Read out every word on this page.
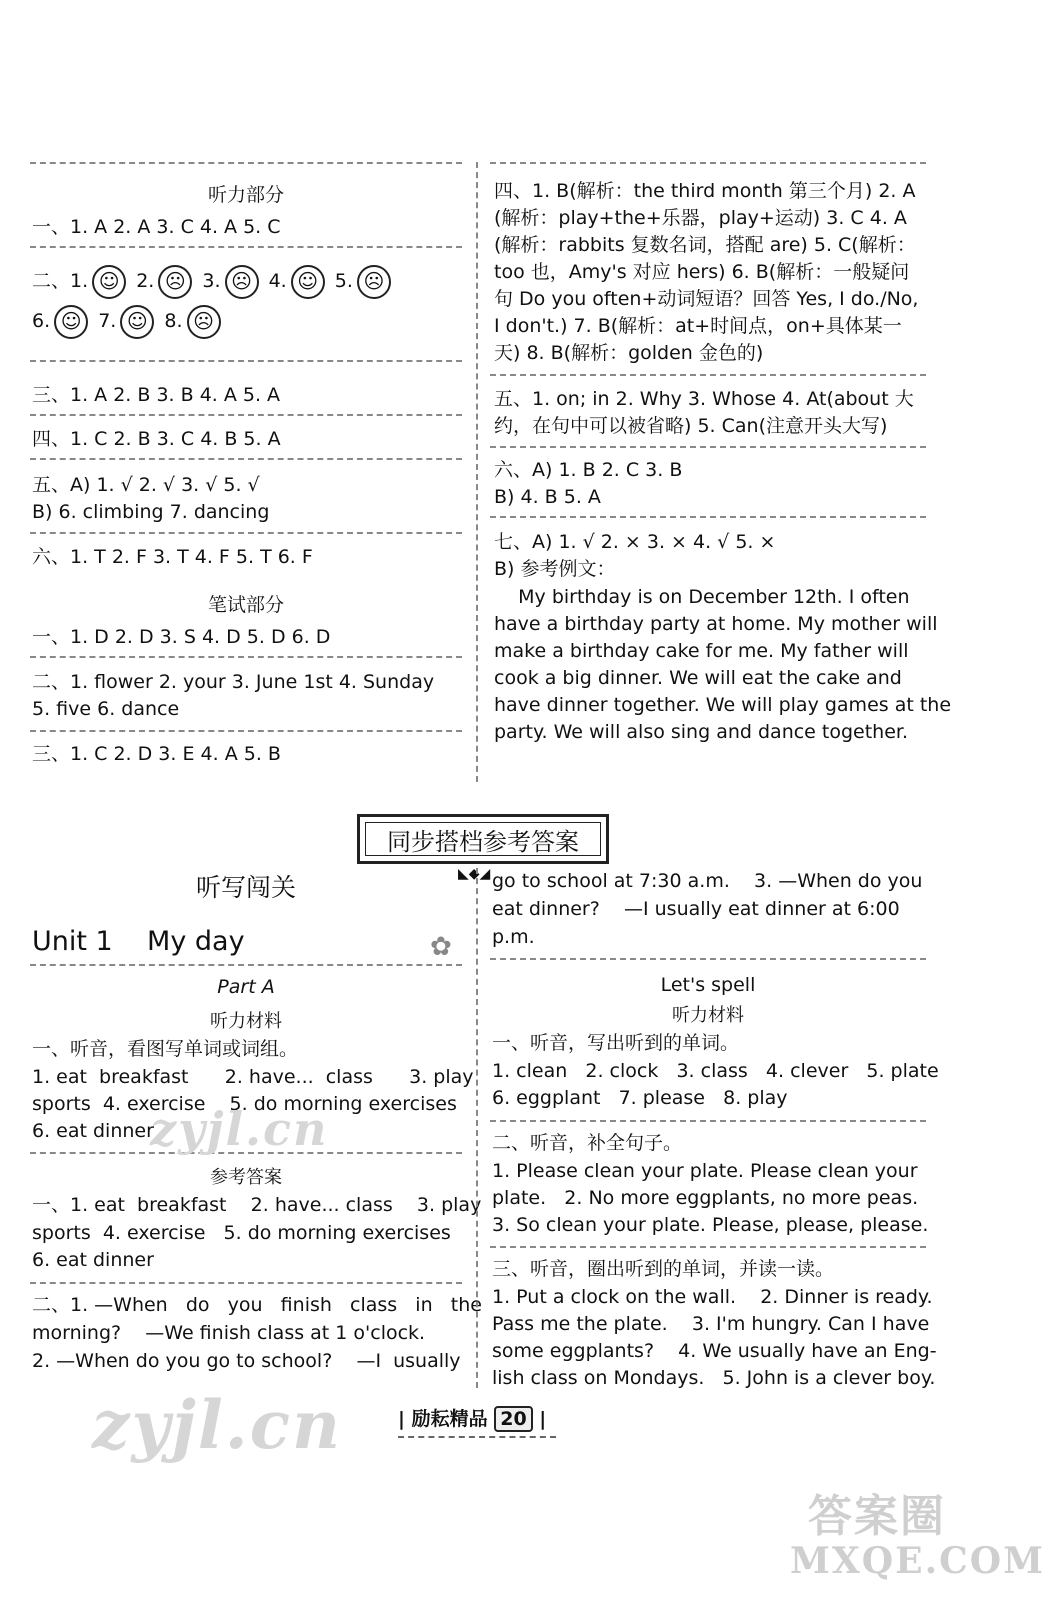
听力部分
一、1. A 2. A 3. C 4. A 5. C
二、1. ☺ 2. ☹ 3. ☹ 4. ☺ 5. ☹
6. ☺ 7. ☺ 8. ☹
三、1. A 2. B 3. B 4. A 5. A
四、1. C 2. B 3. C 4. B 5. A
五、A) 1. √ 2. √ 3. √ 5. √
B) 6. climbing 7. dancing
六、1. T 2. F 3. T 4. F 5. T 6. F
笔试部分
一、1. D 2. D 3. S 4. D 5. D 6. D
二、1. flower 2. your 3. June 1st 4. Sunday
5. five 6. dance
三、1. C 2. D 3. E 4. A 5. B
四、1. B(解析：the third month 第三个月) 2. A
(解析：play+the+乐器，play+运动) 3. C 4. A
(解析：rabbits 复数名词，搭配 are) 5. C(解析：
too 也，Amy's 对应 hers) 6. B(解析：一般疑问
句 Do you often+动词短语？回答 Yes, I do./No,
I don't.) 7. B(解析：at+时间点，on+具体某一
天) 8. B(解析：golden 金色的)
五、1. on; in 2. Why 3. Whose 4. At(about 大
约，在句中可以被省略) 5. Can(注意开头大写)
六、A) 1. B 2. C 3. B
B) 4. B 5. A
七、A) 1. √ 2. × 3. × 4. √ 5. ×
B) 参考例文：
My birthday is on December 12th. I often
have a birthday party at home. My mother will
make a birthday cake for me. My father will
cook a big dinner. We will eat the cake and
have dinner together. We will play games at the
party. We will also sing and dance together.
同步搭档参考答案
◣◆◢
听写闯关
Unit 1    My day	✿
Part A
听力材料
一、听音，看图写单词或词组。
1. eat  breakfast      2. have...  class      3. play
sports  4. exercise    5. do morning exercises
6. eat dinner
参考答案
一、1. eat  breakfast    2. have... class    3. play
sports  4. exercise   5. do morning exercises
6. eat dinner
二、1. —When   do   you   finish   class   in   the
morning?    —We finish class at 1 o'clock.
2. —When do you go to school?    —I  usually
go to school at 7:30 a.m.    3. —When do you
eat dinner?    —I usually eat dinner at 6:00
p.m.
Let's spell
听力材料
一、听音，写出听到的单词。
1. clean   2. clock   3. class   4. clever   5. plate
6. eggplant   7. please   8. play
二、听音，补全句子。
1. Please clean your plate. Please clean your
plate.   2. No more eggplants, no more peas.
3. So clean your plate. Please, please, please.
三、听音，圈出听到的单词，并读一读。
1. Put a clock on the wall.    2. Dinner is ready.
Pass me the plate.    3. I'm hungry. Can I have
some eggplants?    4. We usually have an Eng-
lish class on Mondays.   5. John is a clever boy.
zyjl.cn
zyjl.cn
答案圈
MXQE.COM
| 励耘精品 20 |
